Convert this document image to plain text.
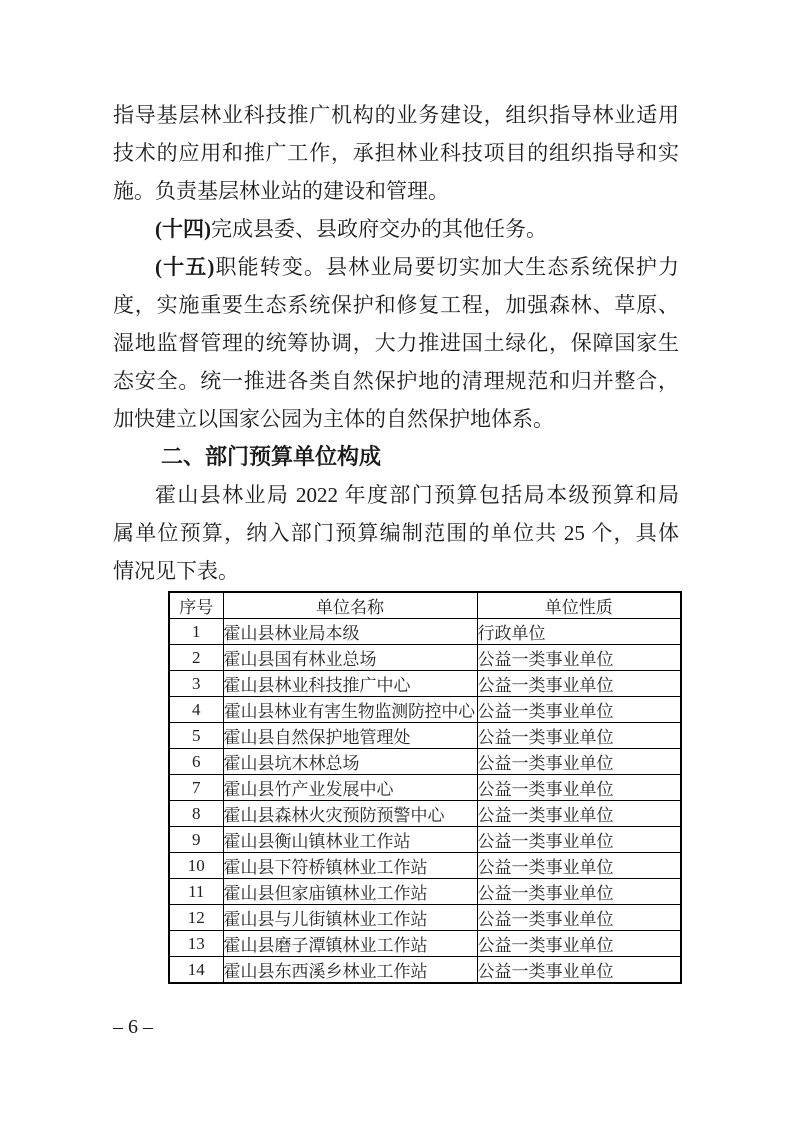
指导基层林业科技推广机构的业务建设，组织指导林业适用
技术的应用和推广工作，承担林业科技项目的组织指导和实
施。负责基层林业站的建设和管理。
(十四)完成县委、县政府交办的其他任务。
(十五)职能转变。县林业局要切实加大生态系统保护力
度，实施重要生态系统保护和修复工程，加强森林、草原、
湿地监督管理的统筹协调，大力推进国土绿化，保障国家生
态安全。统一推进各类自然保护地的清理规范和归并整合，
加快建立以国家公园为主体的自然保护地体系。
二、部门预算单位构成
霍山县林业局 2022 年度部门预算包括局本级预算和局
属单位预算，纳入部门预算编制范围的单位共 25 个，具体
情况见下表。
序号	单位名称	单位性质
1	霍山县林业局本级	行政单位
2	霍山县国有林业总场	公益一类事业单位
3	霍山县林业科技推广中心	公益一类事业单位
4	霍山县林业有害生物监测防控中心	公益一类事业单位
5	霍山县自然保护地管理处	公益一类事业单位
6	霍山县坑木林总场	公益一类事业单位
7	霍山县竹产业发展中心	公益一类事业单位
8	霍山县森林火灾预防预警中心	公益一类事业单位
9	霍山县衡山镇林业工作站	公益一类事业单位
10	霍山县下符桥镇林业工作站	公益一类事业单位
11	霍山县但家庙镇林业工作站	公益一类事业单位
12	霍山县与儿街镇林业工作站	公益一类事业单位
13	霍山县磨子潭镇林业工作站	公益一类事业单位
14	霍山县东西溪乡林业工作站	公益一类事业单位
– 6 –
